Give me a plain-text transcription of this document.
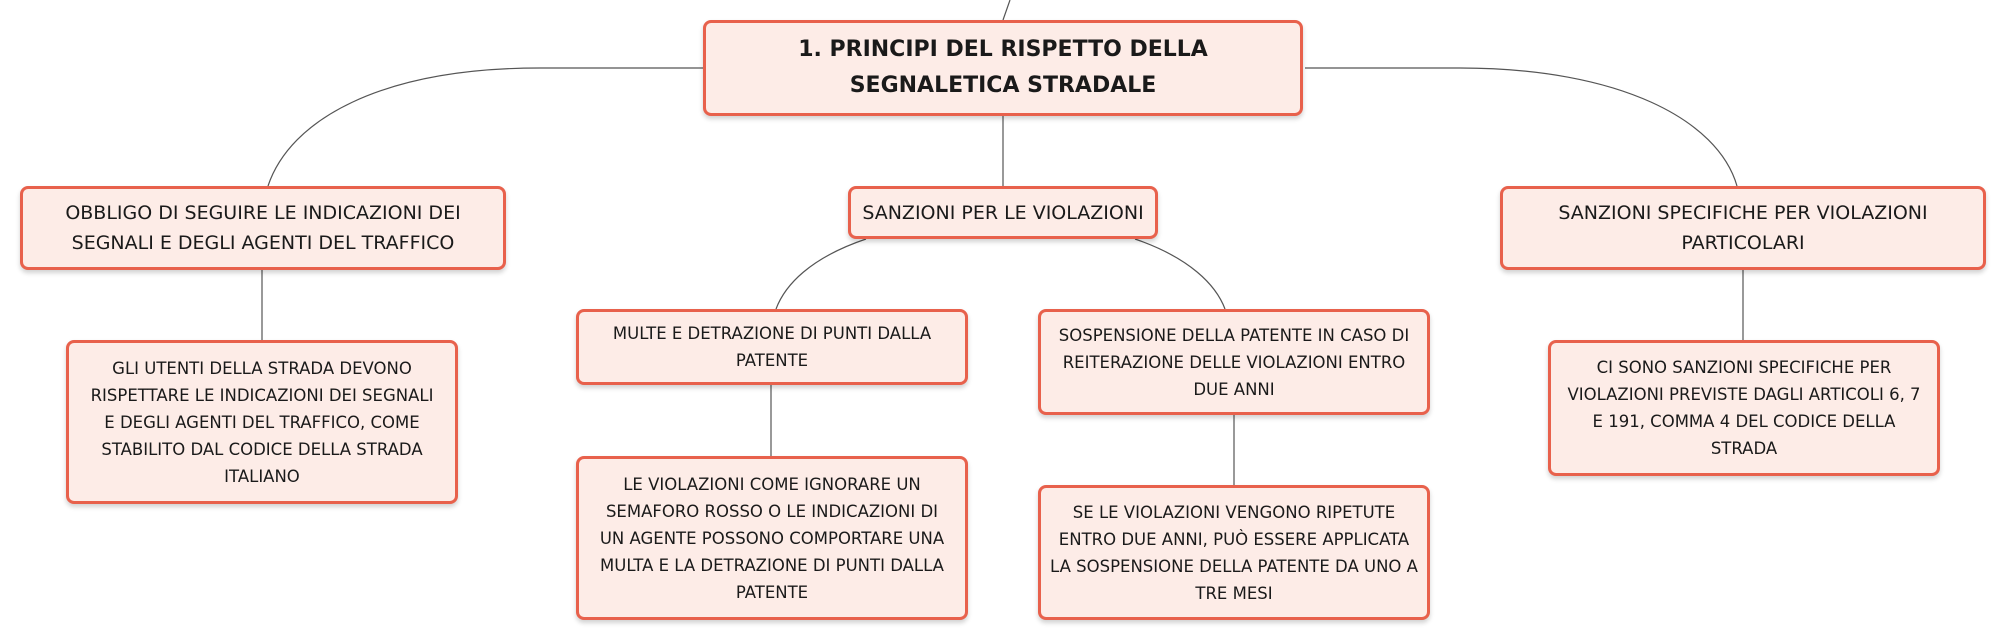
1. PRINCIPI DEL RISPETTO DELLA SEGNALETICA STRADALE
OBBLIGO DI SEGUIRE LE INDICAZIONI DEI SEGNALI E DEGLI AGENTI DEL TRAFFICO
SANZIONI PER LE VIOLAZIONI	SANZIONI SPECIFICHE PER VIOLAZIONI PARTICOLARI
GLI UTENTI DELLA STRADA DEVONO RISPETTARE LE INDICAZIONI DEI SEGNALI E DEGLI AGENTI DEL TRAFFICO, COME STABILITO DAL CODICE DELLA STRADA ITALIANO
MULTE E DETRAZIONE DI PUNTI DALLA PATENTE
SOSPENSIONE DELLA PATENTE IN CASO DI REITERAZIONE DELLE VIOLAZIONI ENTRO DUE ANNI
LE VIOLAZIONI COME IGNORARE UN SEMAFORO ROSSO O LE INDICAZIONI DI UN AGENTE POSSONO COMPORTARE UNA MULTA E LA DETRAZIONE DI PUNTI DALLA PATENTE
SE LE VIOLAZIONI VENGONO RIPETUTE ENTRO DUE ANNI, PUÒ ESSERE APPLICATA LA SOSPENSIONE DELLA PATENTE DA UNO A TRE MESI
CI SONO SANZIONI SPECIFICHE PER VIOLAZIONI PREVISTE DAGLI ARTICOLI 6, 7 E 191, COMMA 4 DEL CODICE DELLA STRADA
